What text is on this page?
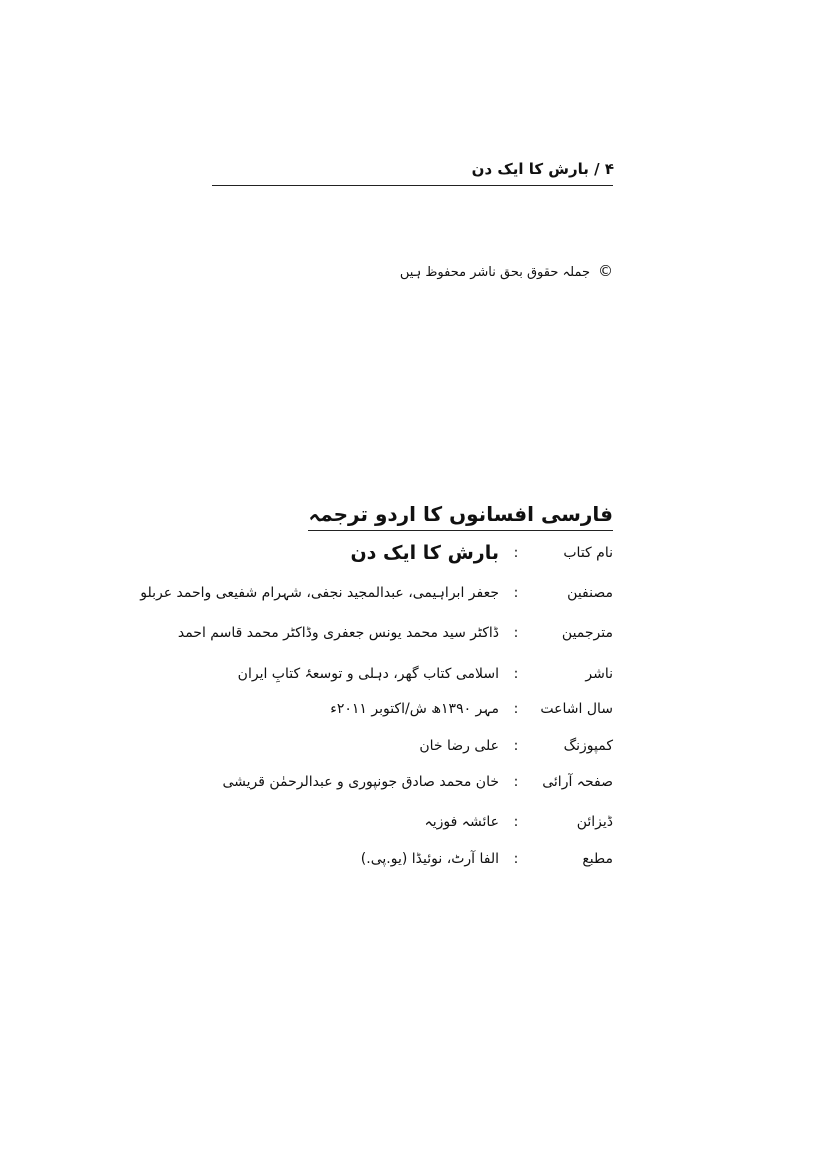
۴ / بارش کا ایک دن
©جملہ حقوق بحق ناشر محفوظ ہیں
فارسی افسانوں کا اردو ترجمہ
نام کتاب
:
بارش کا ایک دن
مصنفین
:
جعفر ابراہیمی، عبدالمجید نجفی، شہرام شفیعی واحمد عربلو
مترجمین
:
ڈاکٹر سید محمد یونس جعفری وڈاکٹر محمد قاسم احمد
ناشر
:
اسلامی کتاب گھر، دہلی و توسعۂ کتابِ ایران
سال اشاعت
:
مہر ۱۳۹۰ھ ش/اکتوبر ۲۰۱۱ء
کمپوزنگ
:
علی رضا خان
صفحہ آرائی
:
خان محمد صادق جونپوری و عبدالرحمٰن قریشی
ڈیزائن
:
عائشہ فوزیہ
مطبع
:
الفا آرٹ، نوئیڈا (یو.پی.)
